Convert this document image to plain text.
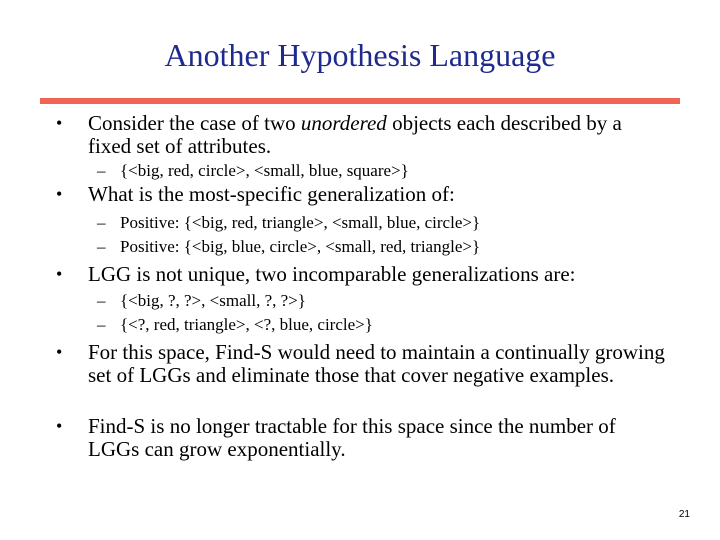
Another Hypothesis Language
•	Consider the case of two unordered objects each described by a fixed set of attributes.
– {<big, red, circle>, <small, blue, square>}
•	What is the most-specific generalization of:
– Positive: {<big, red, triangle>, <small, blue, circle>}
– Positive: {<big, blue, circle>, <small, red, triangle>}
•	LGG is not unique, two incomparable generalizations are:
– {<big, ?, ?>, <small, ?, ?>}
– {<?, red, triangle>, <?, blue, circle>}
•	For this space, Find-S would need to maintain a continually growing set of LGGs and eliminate those that cover negative examples.
•	Find-S is no longer tractable for this space since the number of LGGs can grow exponentially.
21
